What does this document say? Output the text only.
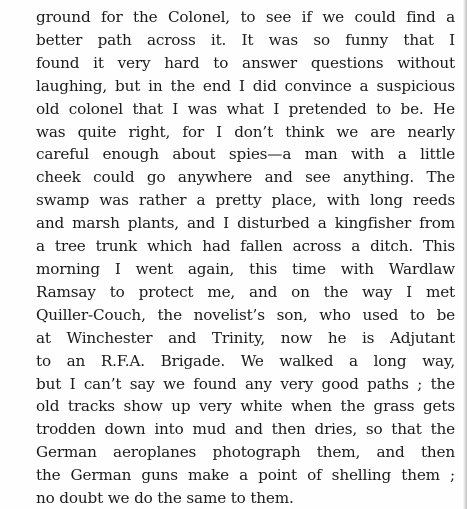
ground for the Colonel, to see if we could find a
better path across it. It was so funny that I
found it very hard to answer questions without
laughing, but in the end I did convince a suspicious
old colonel that I was what I pretended to be. He
was quite right, for I don’t think we are nearly
careful enough about spies—a man with a little
cheek could go anywhere and see anything. The
swamp was rather a pretty place, with long reeds
and marsh plants, and I disturbed a kingfisher from
a tree trunk which had fallen across a ditch. This
morning I went again, this time with Wardlaw
Ramsay to protect me, and on the way I met
Quiller-Couch, the novelist’s son, who used to be
at Winchester and Trinity, now he is Adjutant
to an R.F.A. Brigade. We walked a long way,
but I can’t say we found any very good paths ; the
old tracks show up very white when the grass gets
trodden down into mud and then dries, so that the
German aeroplanes photograph them, and then
the German guns make a point of shelling them ;
no doubt we do the same to them.
